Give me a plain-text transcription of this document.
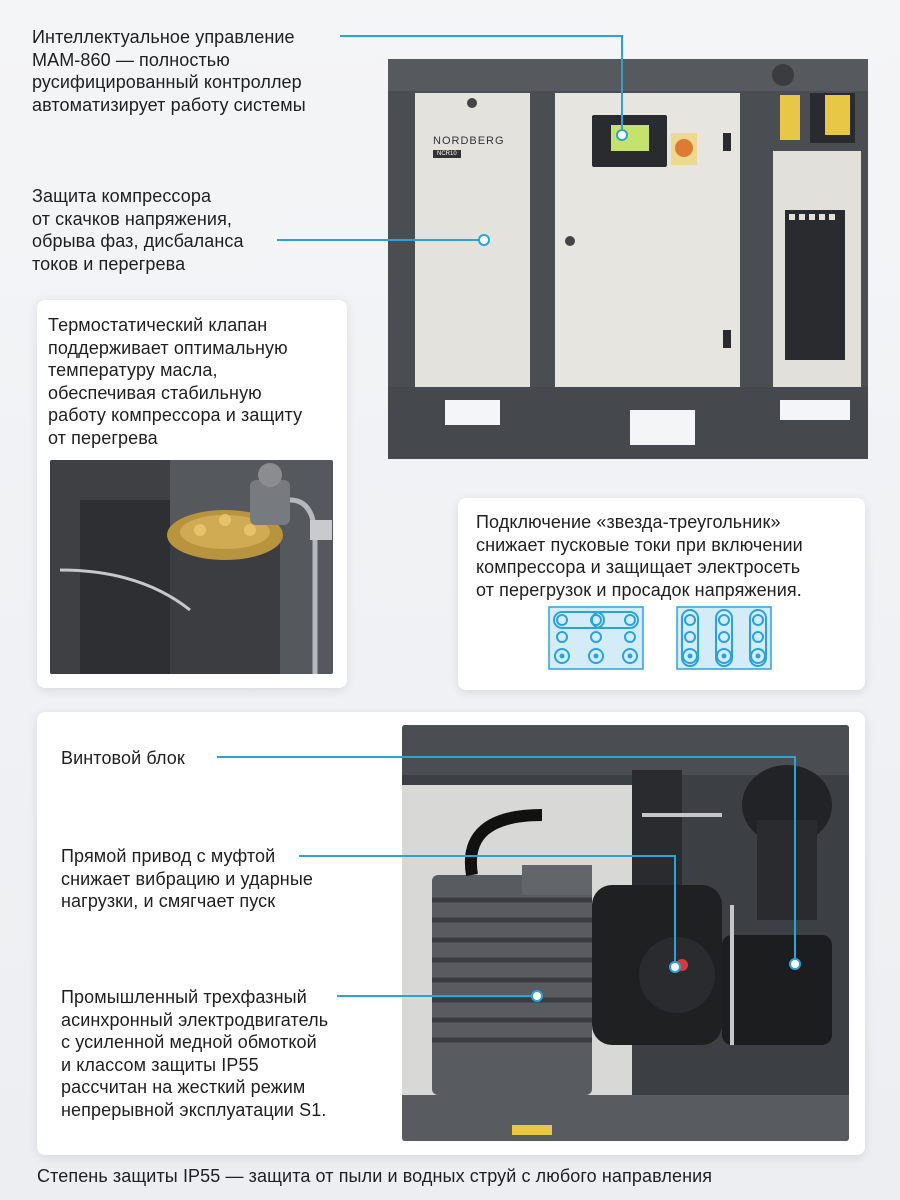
NORDBERG
NCR10
Интеллектуальное управление
МАМ-860 — полностью
русифицированный контроллер
автоматизирует работу системы
Защита компрессора
от скачков напряжения,
обрыва фаз, дисбаланса
токов и перегрева
Термостатический клапан
поддерживает оптимальную
температуру масла,
обеспечивая стабильную
работу компрессора и защиту
от перегрева
Подключение «звезда-треугольник»
снижает пусковые токи при включении
компрессора и защищает электросеть
от перегрузок и просадок напряжения.
Винтовой блок
Прямой привод с муфтой
снижает вибрацию и ударные
нагрузки, и смягчает пуск
Промышленный трехфазный
асинхронный электродвигатель
с усиленной медной обмоткой
и классом защиты IP55
рассчитан на жесткий режим
непрерывной эксплуатации S1.
Степень защиты IP55 — защита от пыли и водных струй с любого направления
